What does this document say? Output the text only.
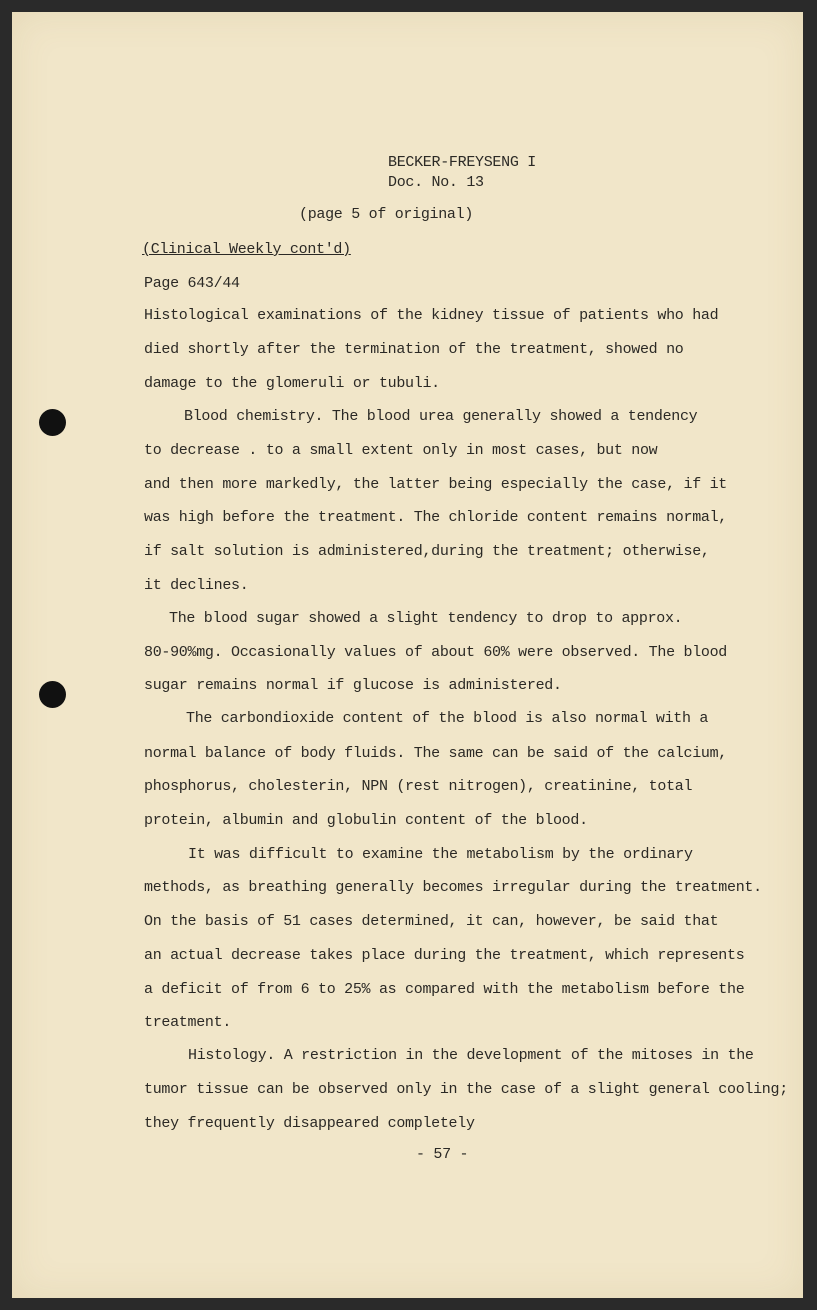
BECKER-FREYSENG I
Doc. No. 13
(page 5 of original)
(Clinical Weekly cont'd)
Page 643/44
Histological examinations of the kidney tissue of patients who had
died shortly after the termination of the treatment, showed no
damage to the glomeruli or tubuli.
Blood chemistry. The blood urea generally showed a tendency
to decrease . to a small extent only in most cases, but now
and then more markedly, the latter being especially the case, if it
was high before the treatment. The chloride content remains normal,
if salt solution is administered,during the treatment; otherwise,
it declines.
The blood sugar showed a slight tendency to drop to approx.
80-90%mg. Occasionally values of about 60% were observed. The blood
sugar remains normal if glucose is administered.
The carbondioxide content of the blood is also normal with a
normal balance of body fluids. The same can be said of the calcium,
phosphorus, cholesterin, NPN (rest nitrogen), creatinine, total
protein, albumin and globulin content of the blood.
It was difficult to examine the metabolism by the ordinary
methods, as breathing generally becomes irregular during the treatment.
On the basis of 51 cases determined, it can, however, be said that
an actual decrease takes place during the treatment, which represents
a deficit of from 6 to 25% as compared with the metabolism before the
treatment.
Histology. A restriction in the development of the mitoses in the
tumor tissue can be observed only in the case of a slight general cooling;
they frequently disappeared completely
- 57 -
